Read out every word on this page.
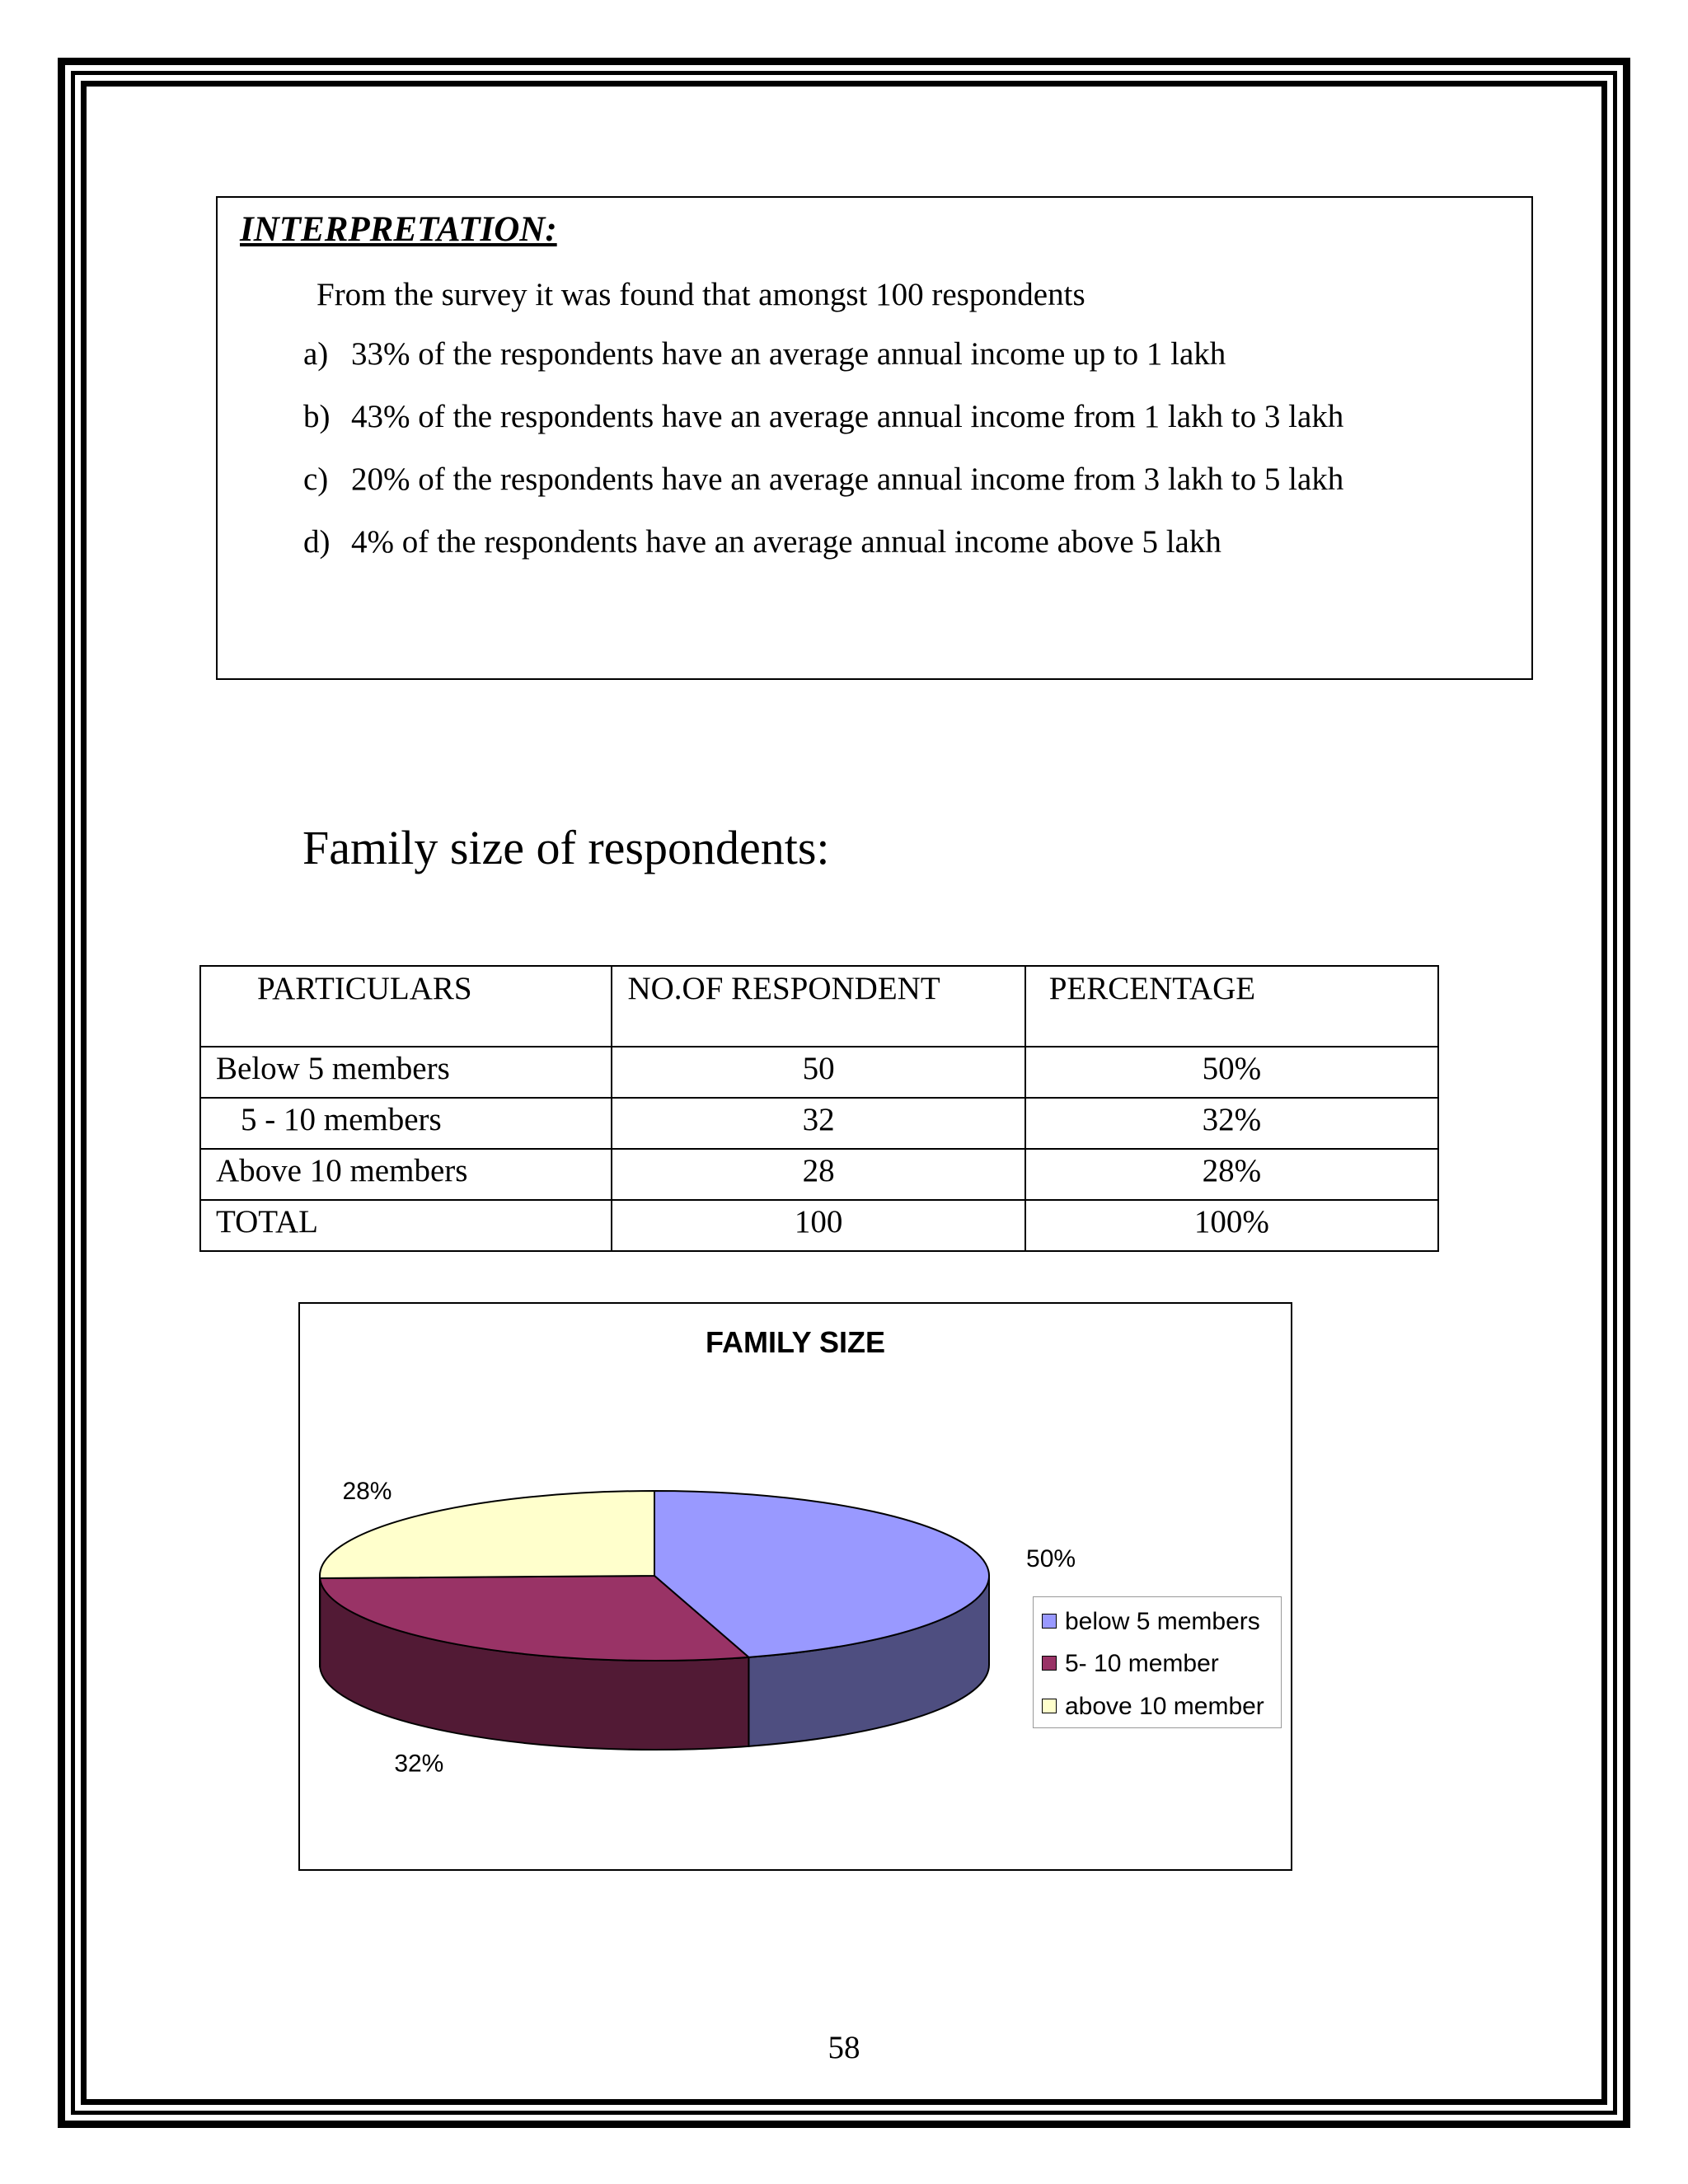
INTERPRETATION:
From the survey it was found that amongst 100 respondents
a) 33% of the respondents have an average annual income up to 1 lakh
b) 43% of the respondents have an average annual income from 1 lakh to 3 lakh
c) 20% of the respondents have an average annual income from 3 lakh to 5 lakh
d) 4% of the respondents have an average annual income above 5 lakh
Family size of respondents:
PARTICULARS	NO.OF RESPONDENT	PERCENTAGE
Below 5 members	50	50%
5 - 10 members	32	32%
Above 10 members	28	28%
TOTAL	100	100%
FAMILY SIZE
50%
32%
28%
below 5 members
5- 10 member
above 10 member
58
